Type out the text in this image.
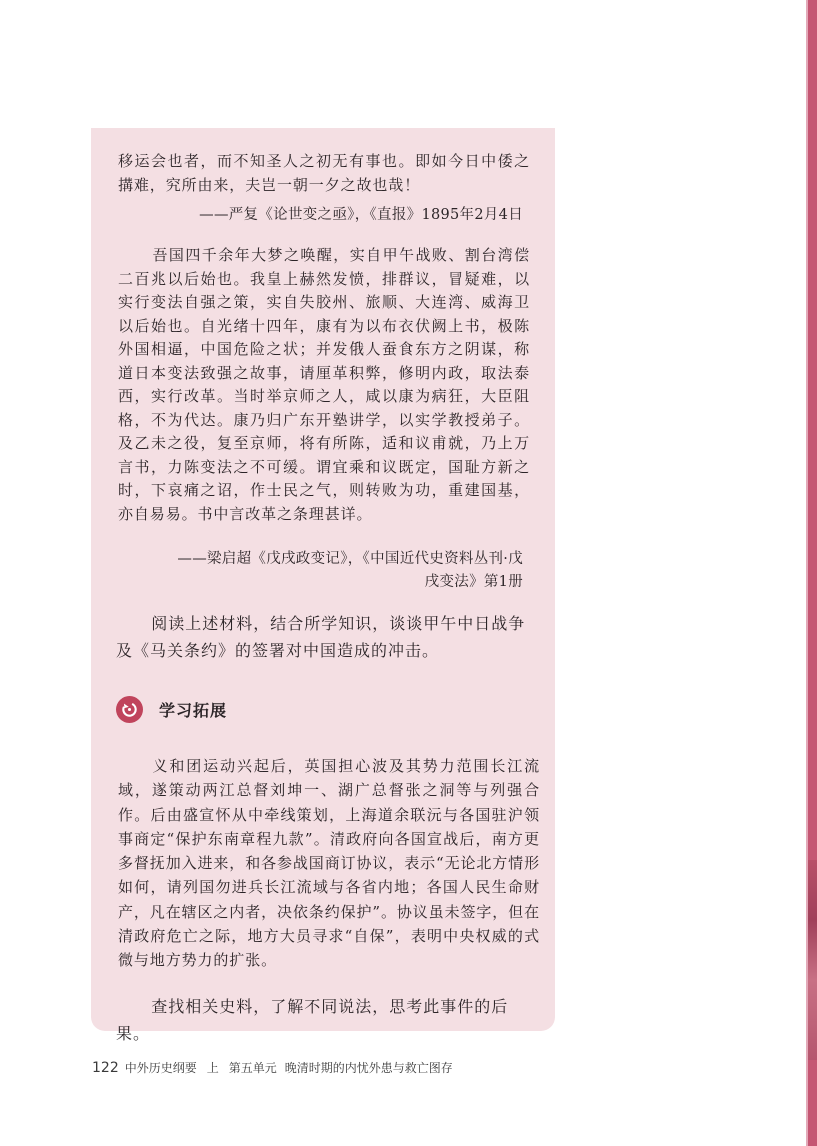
移运会也者，而不知圣人之初无有事也。即如今日中倭之搆难，究所由来，夫岂一朝一夕之故也哉！

——严复《论世变之亟》，《直报》1895年2月4日

吾国四千余年大梦之唤醒，实自甲午战败、割台湾偿二百兆以后始也。我皇上赫然发愤，排群议，冒疑难，以实行变法自强之策，实自失胶州、旅顺、大连湾、威海卫以后始也。自光绪十四年，康有为以布衣伏阙上书，极陈外国相逼，中国危险之状；并发俄人蚕食东方之阴谋，称道日本变法致强之故事，请厘革积弊，修明内政，取法泰西，实行改革。当时举京师之人，咸以康为病狂，大臣阻格，不为代达。康乃归广东开塾讲学，以实学教授弟子。及乙未之役，复至京师，将有所陈，适和议甫就，乃上万言书，力陈变法之不可缓。谓宜乘和议既定，国耻方新之时，下哀痛之诏，作士民之气，则转败为功，重建国基，亦自易易。书中言改革之条理甚详。

——梁启超《戊戌政变记》，《中国近代史资料丛刊·戊
戌变法》第1册
阅读上述材料，结合所学知识，谈谈甲午中日战争及《马关条约》的签署对中国造成的冲击。
学习拓展

义和团运动兴起后，英国担心波及其势力范围长江流域，遂策动两江总督刘坤一、湖广总督张之洞等与列强合作。后由盛宣怀从中牵线策划，上海道余联沅与各国驻沪领事商定“保护东南章程九款”。清政府向各国宣战后，南方更多督抚加入进来，和各参战国商订协议，表示“无论北方情形如何，请列国勿进兵长江流域与各省内地；各国人民生命财产，凡在辖区之内者，决依条约保护”。协议虽未签字，但在清政府危亡之际，地方大员寻求“自保”，表明中央权威的式微与地方势力的扩张。

查找相关史料，了解不同说法，思考此事件的后果。
122 中外历史纲要 上 第五单元 晚清时期的内忧外患与救亡图存
